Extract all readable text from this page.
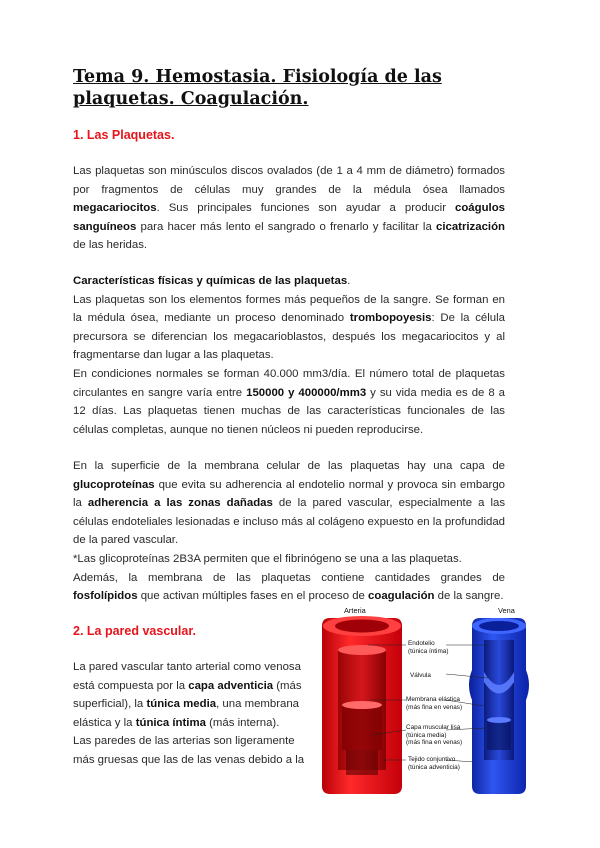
Tema 9. Hemostasia. Fisiología de las plaquetas. Coagulación.
1. Las Plaquetas.

Las plaquetas son minúsculos discos ovalados (de 1 a 4 mm de diámetro) formados por fragmentos de células muy grandes de la médula ósea llamados megacariocitos. Sus principales funciones son ayudar a producir coágulos sanguíneos para hacer más lento el sangrado o frenarlo y facilitar la cicatrización de las heridas.

Características físicas y químicas de las plaquetas.
Las plaquetas son los elementos formes más pequeños de la sangre. Se forman en la médula ósea, mediante un proceso denominado trombopoyesis: De la célula precursora se diferencian los megacarioblastos, después los megacariocitos y al fragmentarse dan lugar a las plaquetas.
En condiciones normales se forman 40.000 mm3/día. El número total de plaquetas circulantes en sangre varía entre 150000 y 400000/mm3 y su vida media es de 8 a 12 días. Las plaquetas tienen muchas de las características funcionales de las células completas, aunque no tienen núcleos ni pueden reproducirse.

En la superficie de la membrana celular de las plaquetas hay una capa de glucoproteínas que evita su adherencia al endotelio normal y provoca sin embargo la adherencia a las zonas dañadas de la pared vascular, especialmente a las células endoteliales lesionadas e incluso más al colágeno expuesto en la profundidad de la pared vascular.
*Las glicoproteínas 2B3A permiten que el fibrinógeno se una a las plaquetas.
Además, la membrana de las plaquetas contiene cantidades grandes de fosfolípidos que activan múltiples fases en el proceso de coagulación de la sangre.

2. La pared vascular.

La pared vascular tanto arterial como venosa está compuesta por la capa adventicia (más superficial), la túnica media, una membrana elástica y la túnica íntima (más interna).
Las paredes de las arterias son ligeramente más gruesas que las de las venas debido a la

Arteria	Vena
Endotelio
(túnica íntima)
Válvula
Membrana elástica
(más fina en venas)
Capa muscular lisa
(túnica media)
(más fina en venas)
Tejido conjuntivo
(túnica adventicia)
